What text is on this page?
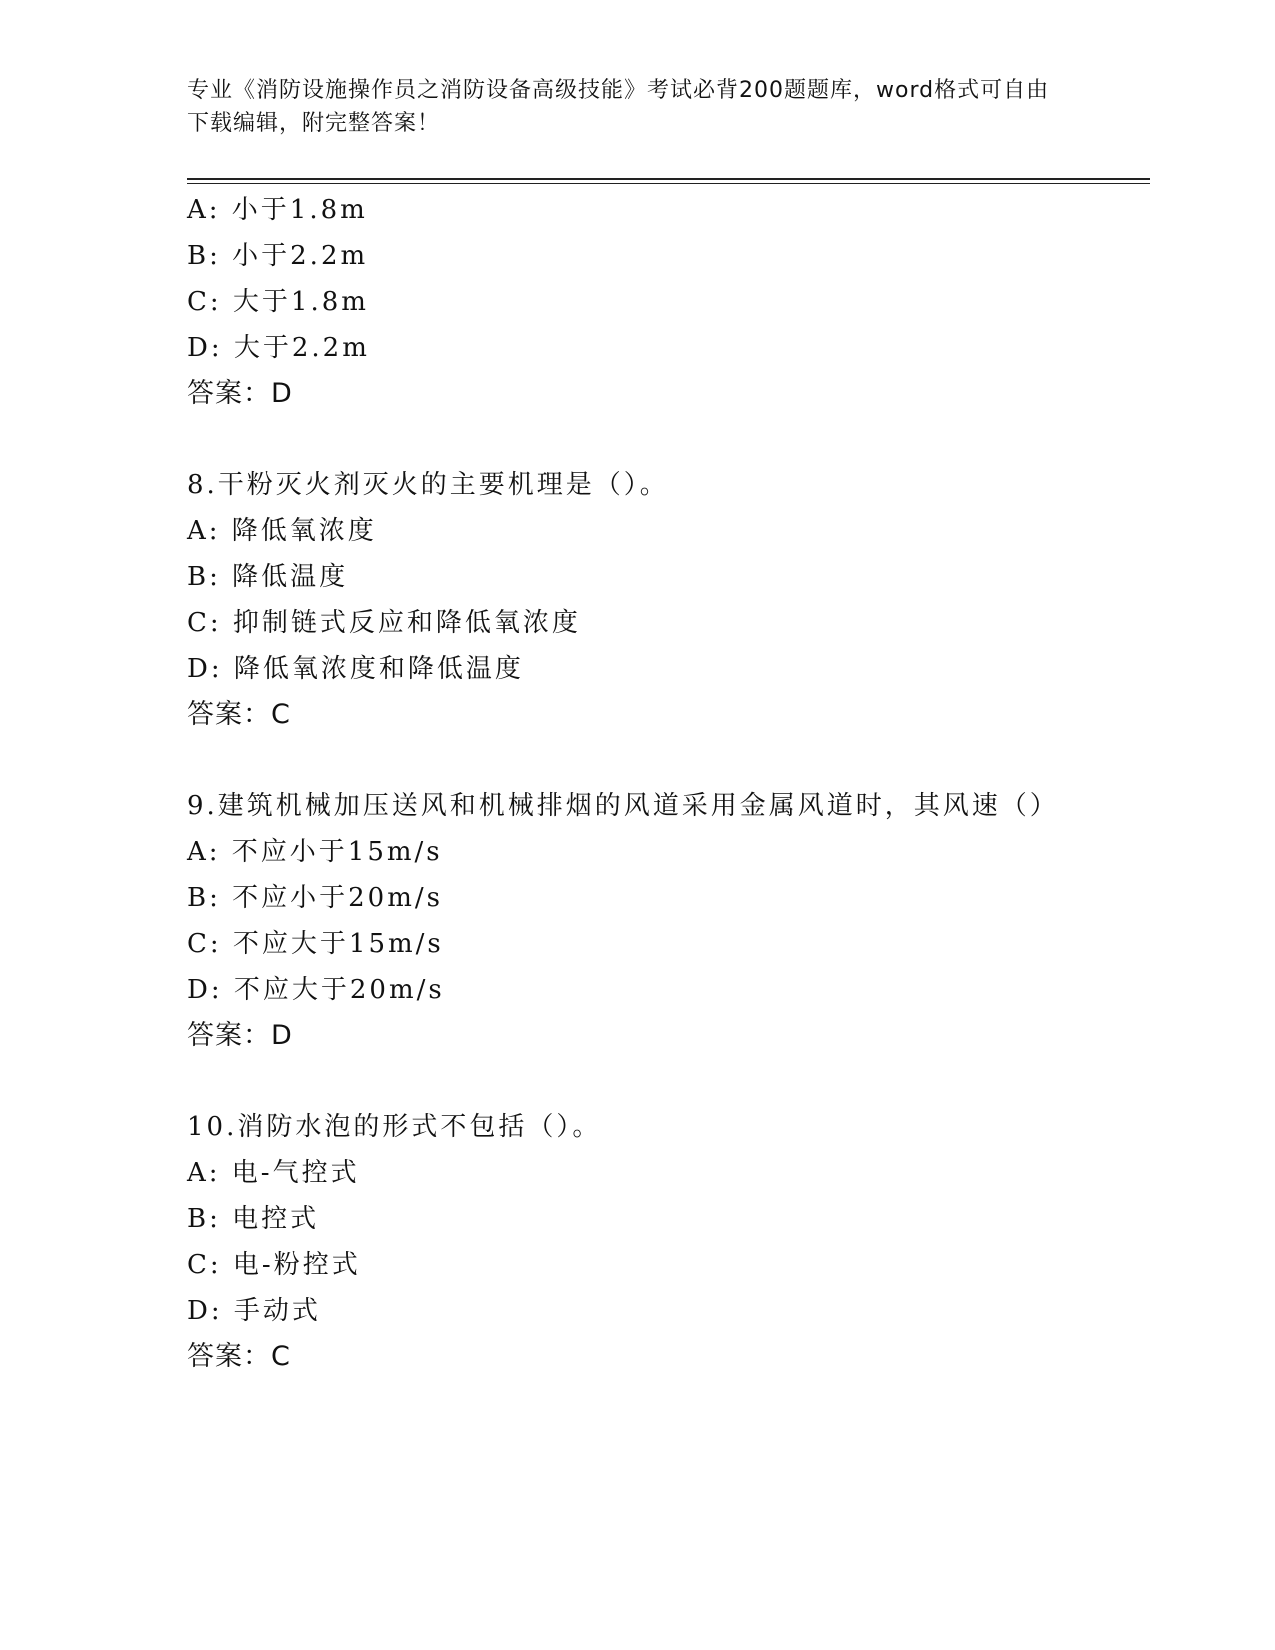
专业《消防设施操作员之消防设备高级技能》考试必背200题题库，word格式可自由下载编辑，附完整答案！
A: 小于1.8m
B: 小于2.2m
C: 大于1.8m
D: 大于2.2m
答案：D
8.干粉灭火剂灭火的主要机理是（）。
A: 降低氧浓度
B: 降低温度
C: 抑制链式反应和降低氧浓度
D: 降低氧浓度和降低温度
答案：C
9.建筑机械加压送风和机械排烟的风道采用金属风道时，其风速（）
A: 不应小于15m/s
B: 不应小于20m/s
C: 不应大于15m/s
D: 不应大于20m/s
答案：D
10.消防水泡的形式不包括（）。
A: 电-气控式
B: 电控式
C: 电-粉控式
D: 手动式
答案：C
